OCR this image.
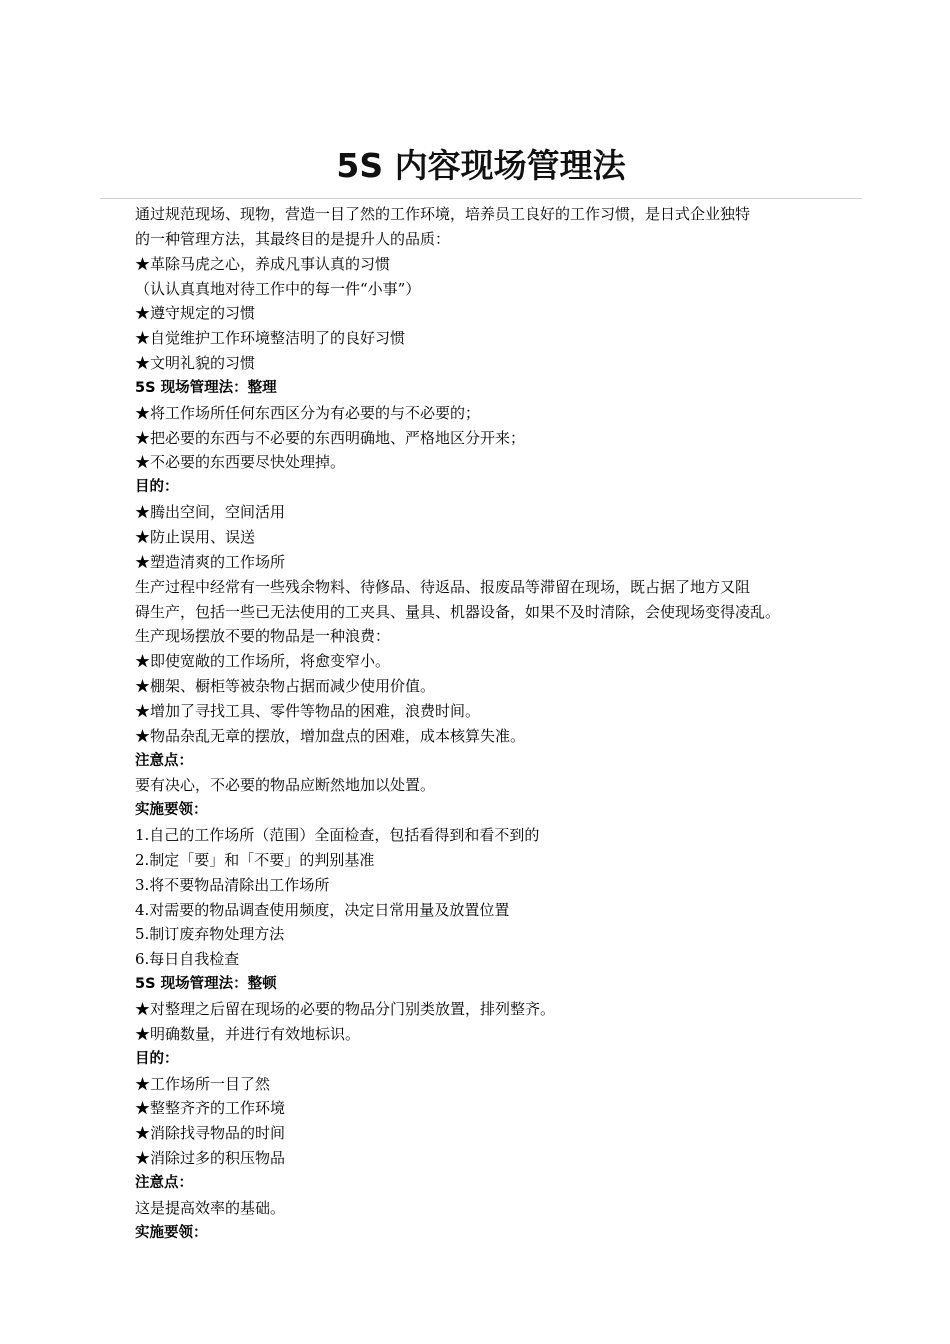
5S 内容现场管理法
通过规范现场、现物，营造一目了然的工作环境，培养员工良好的工作习惯，是日式企业独特
的一种管理方法，其最终目的是提升人的品质：
★革除马虎之心，养成凡事认真的习惯
（认认真真地对待工作中的每一件“小事”）
★遵守规定的习惯
★自觉维护工作环境整洁明了的良好习惯
★文明礼貌的习惯
5S 现场管理法：整理
★将工作场所任何东西区分为有必要的与不必要的；
★把必要的东西与不必要的东西明确地、严格地区分开来；
★不必要的东西要尽快处理掉。
目的：
★腾出空间，空间活用
★防止误用、误送
★塑造清爽的工作场所
生产过程中经常有一些残余物料、待修品、待返品、报废品等滞留在现场，既占据了地方又阻
碍生产，包括一些已无法使用的工夹具、量具、机器设备，如果不及时清除，会使现场变得凌乱。
生产现场摆放不要的物品是一种浪费：
★即使宽敞的工作场所，将愈变窄小。
★棚架、橱柜等被杂物占据而减少使用价值。
★增加了寻找工具、零件等物品的困难，浪费时间。
★物品杂乱无章的摆放，增加盘点的困难，成本核算失准。
注意点：
要有决心，不必要的物品应断然地加以处置。
实施要领：
1.自己的工作场所（范围）全面检查，包括看得到和看不到的
2.制定「要」和「不要」的判别基准
3.将不要物品清除出工作场所
4.对需要的物品调查使用频度，决定日常用量及放置位置
5.制订废弃物处理方法
6.每日自我检查
5S 现场管理法：整顿
★对整理之后留在现场的必要的物品分门别类放置，排列整齐。
★明确数量，并进行有效地标识。
目的：
★工作场所一目了然
★整整齐齐的工作环境
★消除找寻物品的时间
★消除过多的积压物品
注意点：
这是提高效率的基础。
实施要领：
